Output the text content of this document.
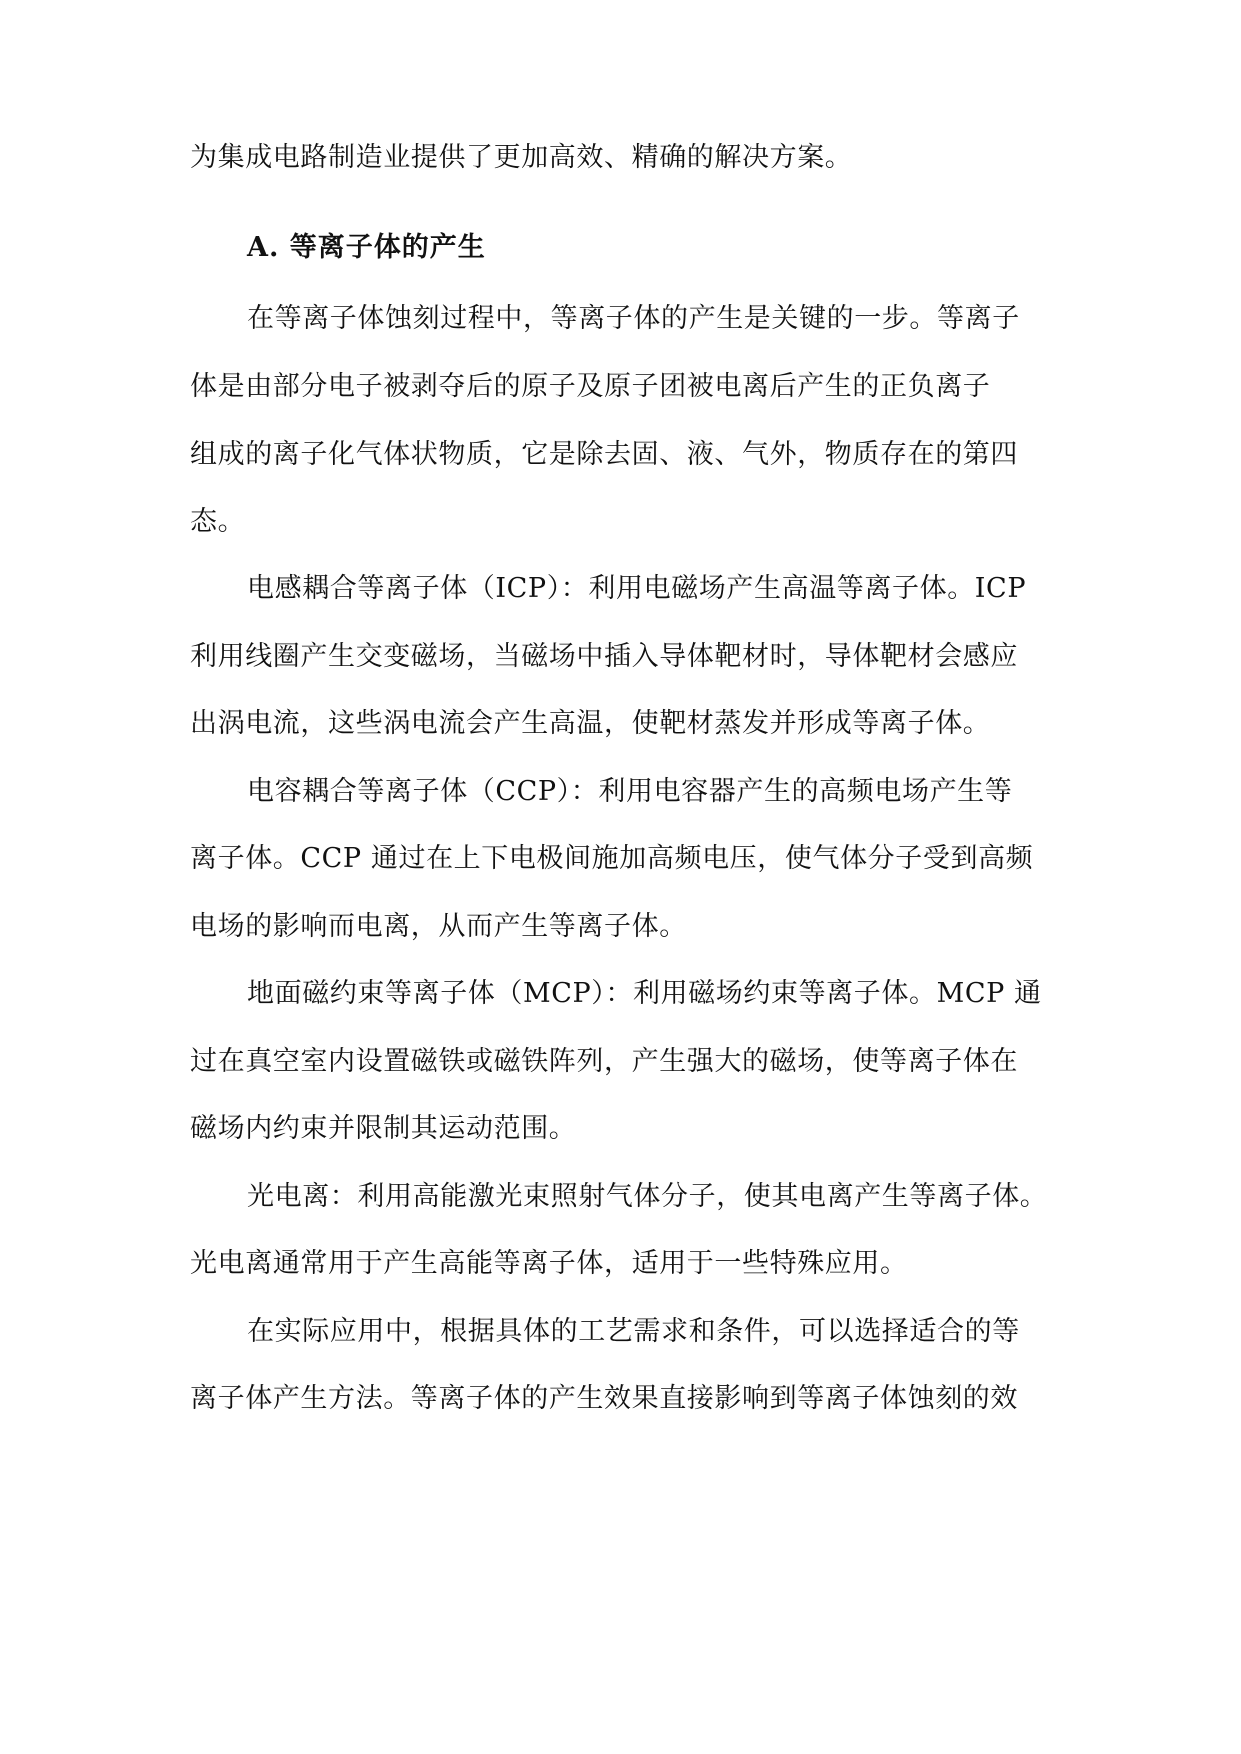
为集成电路制造业提供了更加高效、精确的解决方案。
A. 等离子体的产生
在等离子体蚀刻过程中，等离子体的产生是关键的一步。等离子
体是由部分电子被剥夺后的原子及原子团被电离后产生的正负离子
组成的离子化气体状物质，它是除去固、液、气外，物质存在的第四
态。
电感耦合等离子体（ICP）：利用电磁场产生高温等离子体。ICP
利用线圈产生交变磁场，当磁场中插入导体靶材时，导体靶材会感应
出涡电流，这些涡电流会产生高温，使靶材蒸发并形成等离子体。
电容耦合等离子体（CCP）：利用电容器产生的高频电场产生等
离子体。CCP 通过在上下电极间施加高频电压，使气体分子受到高频
电场的影响而电离，从而产生等离子体。
地面磁约束等离子体（MCP）：利用磁场约束等离子体。MCP 通
过在真空室内设置磁铁或磁铁阵列，产生强大的磁场，使等离子体在
磁场内约束并限制其运动范围。
光电离：利用高能激光束照射气体分子，使其电离产生等离子体。
光电离通常用于产生高能等离子体，适用于一些特殊应用。
在实际应用中，根据具体的工艺需求和条件，可以选择适合的等
离子体产生方法。等离子体的产生效果直接影响到等离子体蚀刻的效
